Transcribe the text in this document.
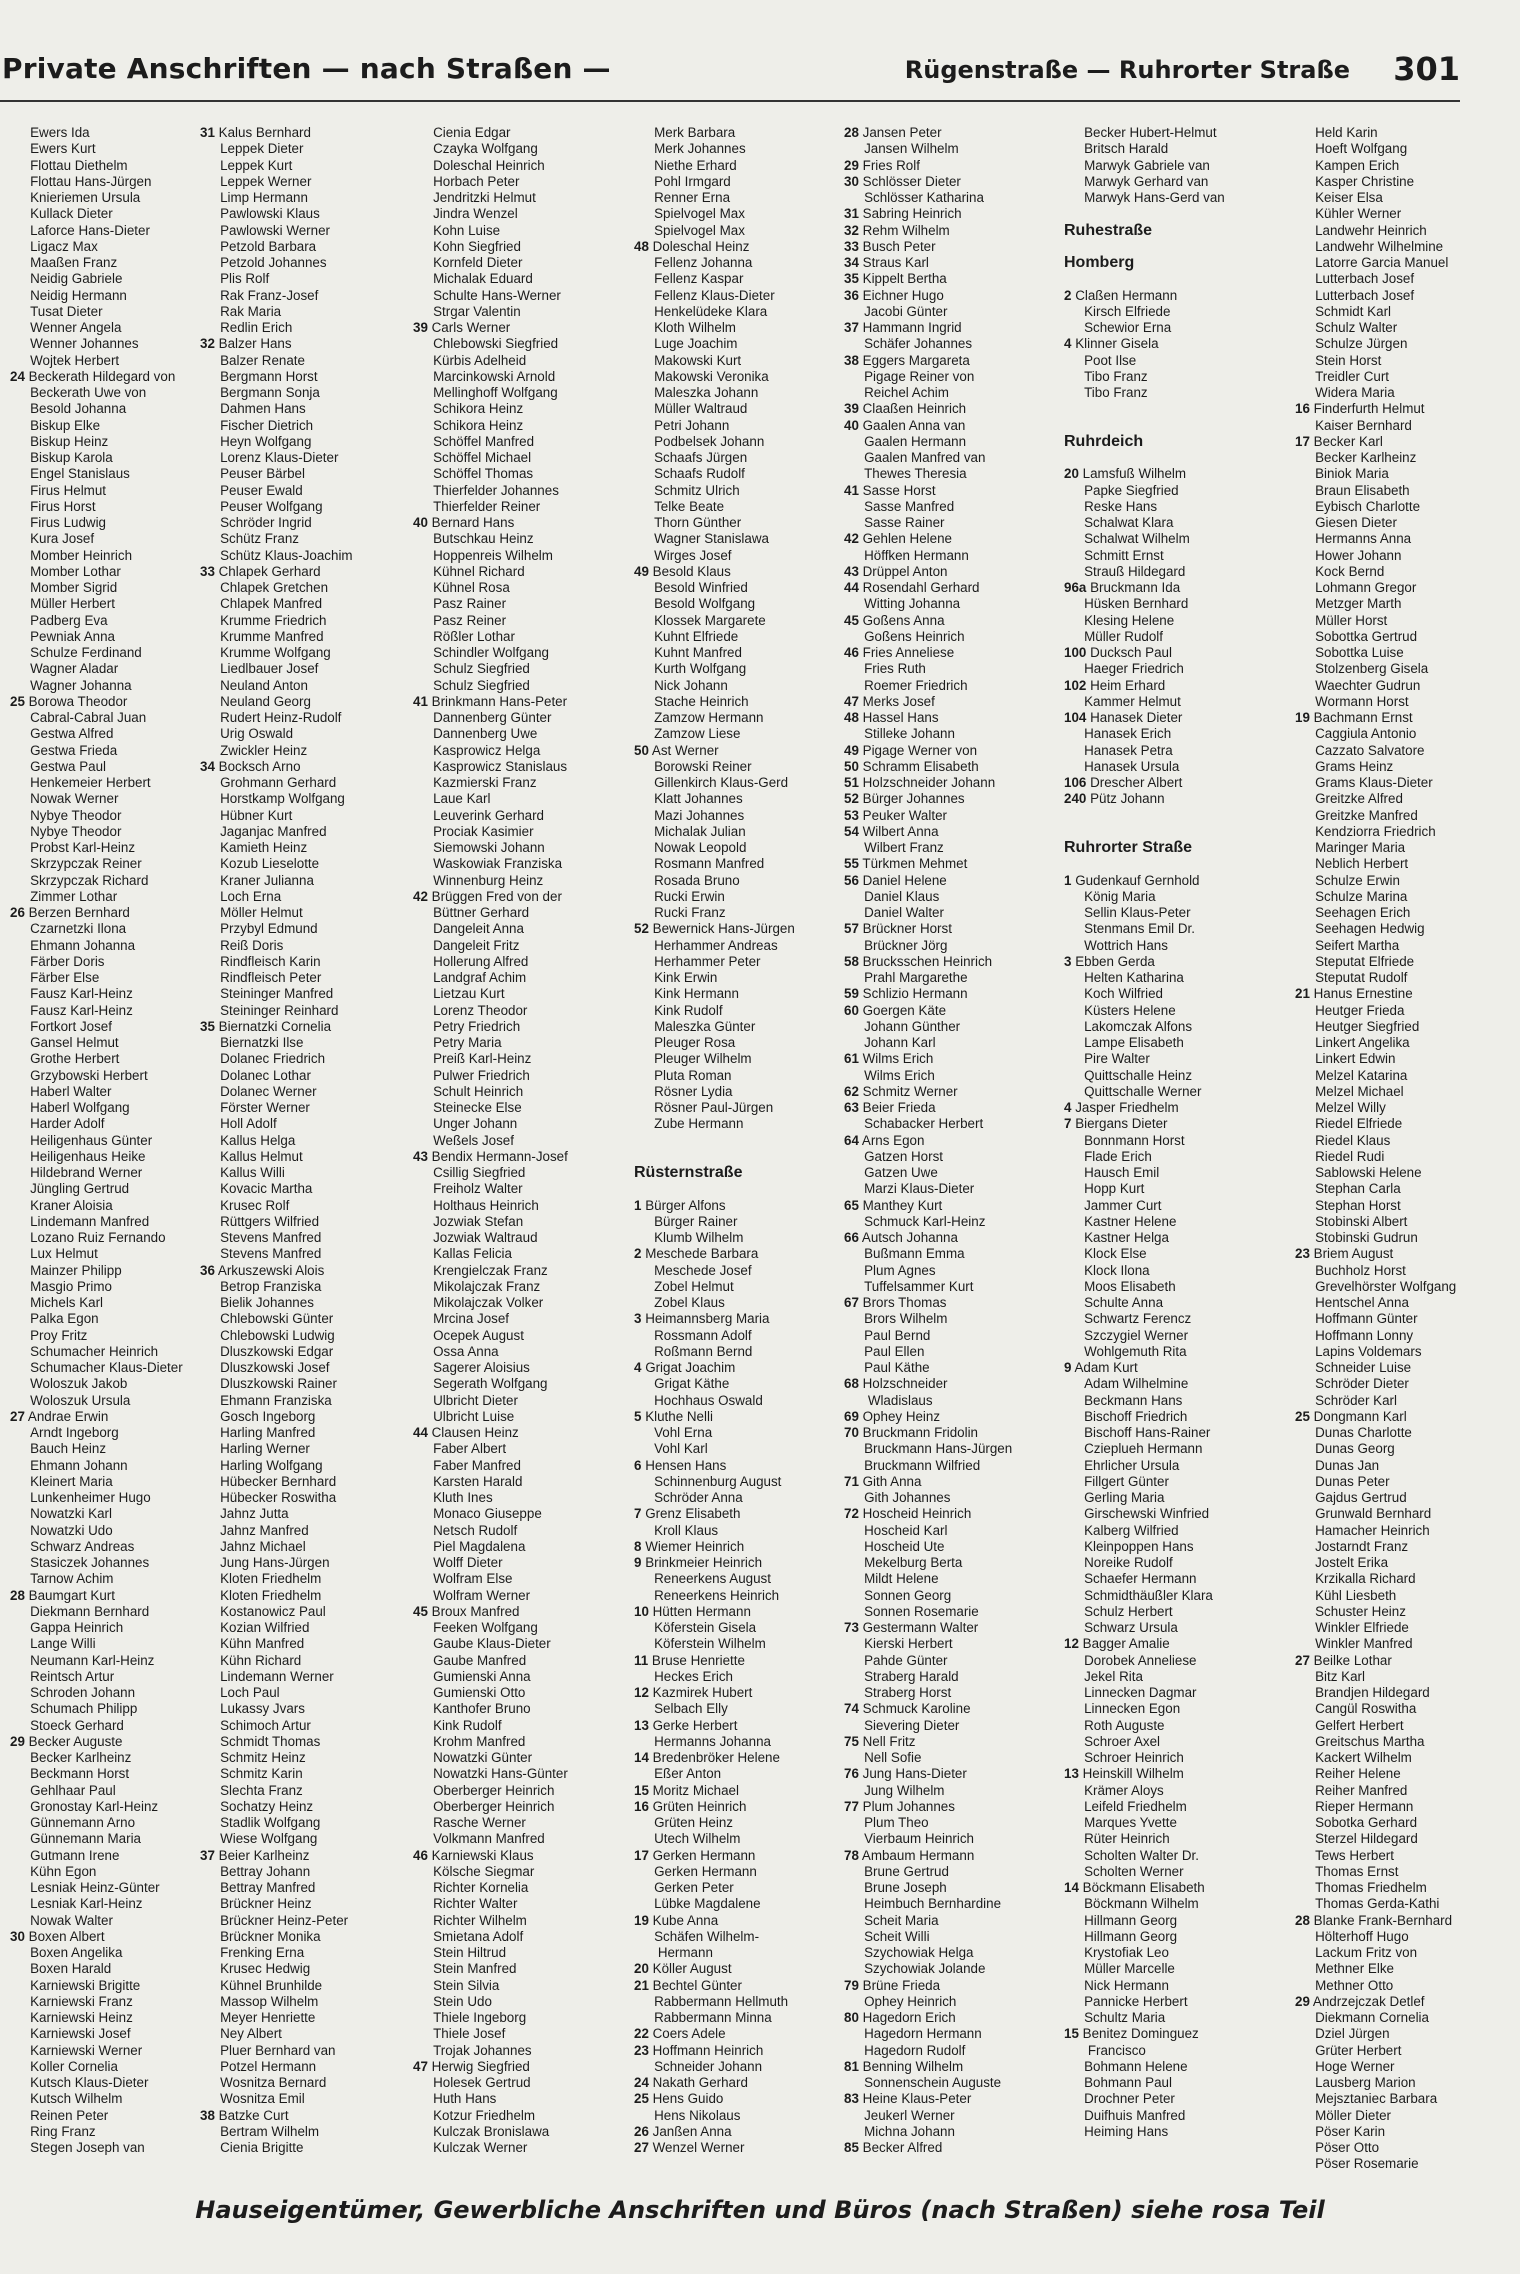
Private Anschriften — nach Straßen —	Rügenstraße — Ruhrorter Straße 301
  Ewers Ida
  Ewers Kurt
  Flottau Diethelm
  Flottau Hans-Jürgen
  Knieriemen Ursula
  Kullack Dieter
  Laforce Hans-Dieter
  Ligacz Max
  Maaßen Franz
  Neidig Gabriele
  Neidig Hermann
  Tusat Dieter
  Wenner Angela
  Wenner Johannes
  Wojtek Herbert
24 Beckerath Hildegard von
  Beckerath Uwe von
  Besold Johanna
  Biskup Elke
  Biskup Heinz
  Biskup Karola
  Engel Stanislaus
  Firus Helmut
  Firus Horst
  Firus Ludwig
  Kura Josef
  Momber Heinrich
  Momber Lothar
  Momber Sigrid
  Müller Herbert
  Padberg Eva
  Pewniak Anna
  Schulze Ferdinand
  Wagner Aladar
  Wagner Johanna
25 Borowa Theodor
  Cabral-Cabral Juan
  Gestwa Alfred
  Gestwa Frieda
  Gestwa Paul
  Henkemeier Herbert
  Nowak Werner
  Nybye Theodor
  Nybye Theodor
  Probst Karl-Heinz
  Skrzypczak Reiner
  Skrzypczak Richard
  Zimmer Lothar
26 Berzen Bernhard
  Czarnetzki Ilona
  Ehmann Johanna
  Färber Doris
  Färber Else
  Fausz Karl-Heinz
  Fausz Karl-Heinz
  Fortkort Josef
  Gansel Helmut
  Grothe Herbert
  Grzybowski Herbert
  Haberl Walter
  Haberl Wolfgang
  Harder Adolf
  Heiligenhaus Günter
  Heiligenhaus Heike
  Hildebrand Werner
  Jüngling Gertrud
  Kraner Aloisia
  Lindemann Manfred
  Lozano Ruiz Fernando
  Lux Helmut
  Mainzer Philipp
  Masgio Primo
  Michels Karl
  Palka Egon
  Proy Fritz
  Schumacher Heinrich
  Schumacher Klaus-Dieter
  Woloszuk Jakob
  Woloszuk Ursula
27 Andrae Erwin
  Arndt Ingeborg
  Bauch Heinz
  Ehmann Johann
  Kleinert Maria
  Lunkenheimer Hugo
  Nowatzki Karl
  Nowatzki Udo
  Schwarz Andreas
  Stasiczek Johannes
  Tarnow Achim
28 Baumgart Kurt
  Diekmann Bernhard
  Gappa Heinrich
  Lange Willi
  Neumann Karl-Heinz
  Reintsch Artur
  Schroden Johann
  Schumach Philipp
  Stoeck Gerhard
29 Becker Auguste
  Becker Karlheinz
  Beckmann Horst
  Gehlhaar Paul
  Gronostay Karl-Heinz
  Günnemann Arno
  Günnemann Maria
  Gutmann Irene
  Kühn Egon
  Lesniak Heinz-Günter
  Lesniak Karl-Heinz
  Nowak Walter
30 Boxen Albert
  Boxen Angelika
  Boxen Harald
  Karniewski Brigitte
  Karniewski Franz
  Karniewski Heinz
  Karniewski Josef
  Karniewski Werner
  Koller Cornelia
  Kutsch Klaus-Dieter
  Kutsch Wilhelm
  Reinen Peter
  Ring Franz
  Stegen Joseph van
31 Kalus Bernhard
  Leppek Dieter
  Leppek Kurt
  Leppek Werner
  Limp Hermann
  Pawlowski Klaus
  Pawlowski Werner
  Petzold Barbara
  Petzold Johannes
  Plis Rolf
  Rak Franz-Josef
  Rak Maria
  Redlin Erich
32 Balzer Hans
  Balzer Renate
  Bergmann Horst
  Bergmann Sonja
  Dahmen Hans
  Fischer Dietrich
  Heyn Wolfgang
  Lorenz Klaus-Dieter
  Peuser Bärbel
  Peuser Ewald
  Peuser Wolfgang
  Schröder Ingrid
  Schütz Franz
  Schütz Klaus-Joachim
33 Chlapek Gerhard
  Chlapek Gretchen
  Chlapek Manfred
  Krumme Friedrich
  Krumme Manfred
  Krumme Wolfgang
  Liedlbauer Josef
  Neuland Anton
  Neuland Georg
  Rudert Heinz-Rudolf
  Urig Oswald
  Zwickler Heinz
34 Bocksch Arno
  Grohmann Gerhard
  Horstkamp Wolfgang
  Hübner Kurt
  Jaganjac Manfred
  Kamieth Heinz
  Kozub Lieselotte
  Kraner Julianna
  Loch Erna
  Möller Helmut
  Przybyl Edmund
  Reiß Doris
  Rindfleisch Karin
  Rindfleisch Peter
  Steininger Manfred
  Steininger Reinhard
35 Biernatzki Cornelia
  Biernatzki Ilse
  Dolanec Friedrich
  Dolanec Lothar
  Dolanec Werner
  Förster Werner
  Holl Adolf
  Kallus Helga
  Kallus Helmut
  Kallus Willi
  Kovacic Martha
  Krusec Rolf
  Rüttgers Wilfried
  Stevens Manfred
  Stevens Manfred
36 Arkuszewski Alois
  Betrop Franziska
  Bielik Johannes
  Chlebowski Günter
  Chlebowski Ludwig
  Dluszkowski Edgar
  Dluszkowski Josef
  Dluszkowski Rainer
  Ehmann Franziska
  Gosch Ingeborg
  Harling Manfred
  Harling Werner
  Harling Wolfgang
  Hübecker Bernhard
  Hübecker Roswitha
  Jahnz Jutta
  Jahnz Manfred
  Jahnz Michael
  Jung Hans-Jürgen
  Kloten Friedhelm
  Kloten Friedhelm
  Kostanowicz Paul
  Kozian Wilfried
  Kühn Manfred
  Kühn Richard
  Lindemann Werner
  Loch Paul
  Lukassy Jvars
  Schimoch Artur
  Schmidt Thomas
  Schmitz Heinz
  Schmitz Karin
  Slechta Franz
  Sochatzy Heinz
  Stadlik Wolfgang
  Wiese Wolfgang
37 Beier Karlheinz
  Bettray Johann
  Bettray Manfred
  Brückner Heinz
  Brückner Heinz-Peter
  Brückner Monika
  Frenking Erna
  Krusec Hedwig
  Kühnel Brunhilde
  Massop Wilhelm
  Meyer Henriette
  Ney Albert
  Pluer Bernhard van
  Potzel Hermann
  Wosnitza Bernard
  Wosnitza Emil
38 Batzke Curt
  Bertram Wilhelm
  Cienia Brigitte
  Cienia Edgar
  Czayka Wolfgang
  Doleschal Heinrich
  Horbach Peter
  Jendritzki Helmut
  Jindra Wenzel
  Kohn Luise
  Kohn Siegfried
  Kornfeld Dieter
  Michalak Eduard
  Schulte Hans-Werner
  Strgar Valentin
39 Carls Werner
  Chlebowski Siegfried
  Kürbis Adelheid
  Marcinkowski Arnold
  Mellinghoff Wolfgang
  Schikora Heinz
  Schikora Heinz
  Schöffel Manfred
  Schöffel Michael
  Schöffel Thomas
  Thierfelder Johannes
  Thierfelder Reiner
40 Bernard Hans
  Butschkau Heinz
  Hoppenreis Wilhelm
  Kühnel Richard
  Kühnel Rosa
  Pasz Rainer
  Pasz Reiner
  Rößler Lothar
  Schindler Wolfgang
  Schulz Siegfried
  Schulz Siegfried
41 Brinkmann Hans-Peter
  Dannenberg Günter
  Dannenberg Uwe
  Kasprowicz Helga
  Kasprowicz Stanislaus
  Kazmierski Franz
  Laue Karl
  Leuverink Gerhard
  Prociak Kasimier
  Siemowski Johann
  Waskowiak Franziska
  Winnenburg Heinz
42 Brüggen Fred von der
  Büttner Gerhard
  Dangeleit Anna
  Dangeleit Fritz
  Hollerung Alfred
  Landgraf Achim
  Lietzau Kurt
  Lorenz Theodor
  Petry Friedrich
  Petry Maria
  Preiß Karl-Heinz
  Pulwer Friedrich
  Schult Heinrich
  Steinecke Else
  Unger Johann
  Weßels Josef
43 Bendix Hermann-Josef
  Csillig Siegfried
  Freiholz Walter
  Holthaus Heinrich
  Jozwiak Stefan
  Jozwiak Waltraud
  Kallas Felicia
  Krengielczak Franz
  Mikolajczak Franz
  Mikolajczak Volker
  Mrcina Josef
  Ocepek August
  Ossa Anna
  Sagerer Aloisius
  Segerath Wolfgang
  Ulbricht Dieter
  Ulbricht Luise
44 Clausen Heinz
  Faber Albert
  Faber Manfred
  Karsten Harald
  Kluth Ines
  Monaco Giuseppe
  Netsch Rudolf
  Piel Magdalena
  Wolff Dieter
  Wolfram Else
  Wolfram Werner
45 Broux Manfred
  Feeken Wolfgang
  Gaube Klaus-Dieter
  Gaube Manfred
  Gumienski Anna
  Gumienski Otto
  Kanthofer Bruno
  Kink Rudolf
  Krohm Manfred
  Nowatzki Günter
  Nowatzki Hans-Günter
  Oberberger Heinrich
  Oberberger Heinrich
  Rasche Werner
  Volkmann Manfred
46 Karniewski Klaus
  Kölsche Siegmar
  Richter Kornelia
  Richter Walter
  Richter Wilhelm
  Smietana Adolf
  Stein Hiltrud
  Stein Manfred
  Stein Silvia
  Stein Udo
  Thiele Ingeborg
  Thiele Josef
  Trojak Johannes
47 Herwig Siegfried
  Holesek Gertrud
  Huth Hans
  Kotzur Friedhelm
  Kulczak Bronislawa
  Kulczak Werner
  Merk Barbara
  Merk Johannes
  Niethe Erhard
  Pohl Irmgard
  Renner Erna
  Spielvogel Max
  Spielvogel Max
48 Doleschal Heinz
  Fellenz Johanna
  Fellenz Kaspar
  Fellenz Klaus-Dieter
  Henkelüdeke Klara
  Kloth Wilhelm
  Luge Joachim
  Makowski Kurt
  Makowski Veronika
  Maleszka Johann
  Müller Waltraud
  Petri Johann
  Podbelsek Johann
  Schaafs Jürgen
  Schaafs Rudolf
  Schmitz Ulrich
  Telke Beate
  Thorn Günther
  Wagner Stanislawa
  Wirges Josef
49 Besold Klaus
  Besold Winfried
  Besold Wolfgang
  Klossek Margarete
  Kuhnt Elfriede
  Kuhnt Manfred
  Kurth Wolfgang
  Nick Johann
  Stache Heinrich
  Zamzow Hermann
  Zamzow Liese
50 Ast Werner
  Borowski Reiner
  Gillenkirch Klaus-Gerd
  Klatt Johannes
  Mazi Johannes
  Michalak Julian
  Nowak Leopold
  Rosmann Manfred
  Rosada Bruno
  Rucki Erwin
  Rucki Franz
52 Bewernick Hans-Jürgen
  Herhammer Andreas
  Herhammer Peter
  Kink Erwin
  Kink Hermann
  Kink Rudolf
  Maleszka Günter
  Pleuger Rosa
  Pleuger Wilhelm
  Pluta Roman
  Rösner Lydia
  Rösner Paul-Jürgen
  Zube Hermann

Rüsternstraße

1 Bürger Alfons
  Bürger Rainer
  Klumb Wilhelm
2 Meschede Barbara
  Meschede Josef
  Zobel Helmut
  Zobel Klaus
3 Heimannsberg Maria
  Rossmann Adolf
  Roßmann Bernd
4 Grigat Joachim
  Grigat Käthe
  Hochhaus Oswald
5 Kluthe Nelli
  Vohl Erna
  Vohl Karl
6 Hensen Hans
  Schinnenburg August
  Schröder Anna
7 Grenz Elisabeth
  Kroll Klaus
8 Wiemer Heinrich
9 Brinkmeier Heinrich
  Reneerkens August
  Reneerkens Heinrich
10 Hütten Hermann
  Köferstein Gisela
  Köferstein Wilhelm
11 Bruse Henriette
  Heckes Erich
12 Kazmirek Hubert
  Selbach Elly
13 Gerke Herbert
  Hermanns Johanna
14 Bredenbröker Helene
  Eßer Anton
15 Moritz Michael
16 Grüten Heinrich
  Grüten Heinz
  Utech Wilhelm
17 Gerken Hermann
  Gerken Hermann
  Gerken Peter
  Lübke Magdalene
19 Kube Anna
  Schäfen Wilhelm-
   Hermann
20 Köller August
21 Bechtel Günter
  Rabbermann Hellmuth
  Rabbermann Minna
22 Coers Adele
23 Hoffmann Heinrich
  Schneider Johann
24 Nakath Gerhard
25 Hens Guido
  Hens Nikolaus
26 Janßen Anna
27 Wenzel Werner
28 Jansen Peter
  Jansen Wilhelm
29 Fries Rolf
30 Schlösser Dieter
  Schlösser Katharina
31 Sabring Heinrich
32 Rehm Wilhelm
33 Busch Peter
34 Straus Karl
35 Kippelt Bertha
36 Eichner Hugo
  Jacobi Günter
37 Hammann Ingrid
  Schäfer Johannes
38 Eggers Margareta
  Pigage Reiner von
  Reichel Achim
39 Claaßen Heinrich
40 Gaalen Anna van
  Gaalen Hermann
  Gaalen Manfred van
  Thewes Theresia
41 Sasse Horst
  Sasse Manfred
  Sasse Rainer
42 Gehlen Helene
  Höffken Hermann
43 Drüppel Anton
44 Rosendahl Gerhard
  Witting Johanna
45 Goßens Anna
  Goßens Heinrich
46 Fries Anneliese
  Fries Ruth
  Roemer Friedrich
47 Merks Josef
48 Hassel Hans
  Stilleke Johann
49 Pigage Werner von
50 Schramm Elisabeth
51 Holzschneider Johann
52 Bürger Johannes
53 Peuker Walter
54 Wilbert Anna
  Wilbert Franz
55 Türkmen Mehmet
56 Daniel Helene
  Daniel Klaus
  Daniel Walter
57 Brückner Horst
  Brückner Jörg
58 Brucksschen Heinrich
  Prahl Margarethe
59 Schlizio Hermann
60 Goergen Käte
  Johann Günther
  Johann Karl
61 Wilms Erich
  Wilms Erich
62 Schmitz Werner
63 Beier Frieda
  Schabacker Herbert
64 Arns Egon
  Gatzen Horst
  Gatzen Uwe
  Marzi Klaus-Dieter
65 Manthey Kurt
  Schmuck Karl-Heinz
66 Autsch Johanna
  Bußmann Emma
  Plum Agnes
  Tuffelsammer Kurt
67 Brors Thomas
  Brors Wilhelm
  Paul Bernd
  Paul Ellen
  Paul Käthe
68 Holzschneider
   Wladislaus
69 Ophey Heinz
70 Bruckmann Fridolin
  Bruckmann Hans-Jürgen
  Bruckmann Wilfried
71 Gith Anna
  Gith Johannes
72 Hoscheid Heinrich
  Hoscheid Karl
  Hoscheid Ute
  Mekelburg Berta
  Mildt Helene
  Sonnen Georg
  Sonnen Rosemarie
73 Gestermann Walter
  Kierski Herbert
  Pahde Günter
  Straberg Harald
  Straberg Horst
74 Schmuck Karoline
  Sievering Dieter
75 Nell Fritz
  Nell Sofie
76 Jung Hans-Dieter
  Jung Wilhelm
77 Plum Johannes
  Plum Theo
  Vierbaum Heinrich
78 Ambaum Hermann
  Brune Gertrud
  Brune Joseph
  Heimbuch Bernhardine
  Scheit Maria
  Scheit Willi
  Szychowiak Helga
  Szychowiak Jolande
79 Brüne Frieda
  Ophey Heinrich
80 Hagedorn Erich
  Hagedorn Hermann
  Hagedorn Rudolf
81 Benning Wilhelm
  Sonnenschein Auguste
83 Heine Klaus-Peter
  Jeukerl Werner
  Michna Johann
85 Becker Alfred
  Becker Hubert-Helmut
  Britsch Harald
  Marwyk Gabriele van
  Marwyk Gerhard van
  Marwyk Hans-Gerd van

Ruhestraße

Homberg

2 Claßen Hermann
  Kirsch Elfriede
  Schewior Erna
4 Klinner Gisela
  Poot Ilse
  Tibo Franz
  Tibo Franz

Ruhrdeich

20 Lamsfuß Wilhelm
  Papke Siegfried
  Reske Hans
  Schalwat Klara
  Schalwat Wilhelm
  Schmitt Ernst
  Strauß Hildegard
96a Bruckmann Ida
  Hüsken Bernhard
  Klesing Helene
  Müller Rudolf
100 Ducksch Paul
  Haeger Friedrich
102 Heim Erhard
  Kammer Helmut
104 Hanasek Dieter
  Hanasek Erich
  Hanasek Petra
  Hanasek Ursula
106 Drescher Albert
240 Pütz Johann

Ruhrorter Straße

1 Gudenkauf Gernhold
  König Maria
  Sellin Klaus-Peter
  Stenmans Emil Dr.
  Wottrich Hans
3 Ebben Gerda
  Helten Katharina
  Koch Wilfried
  Küsters Helene
  Lakomczak Alfons
  Lampe Elisabeth
  Pire Walter
  Quittschalle Heinz
  Quittschalle Werner
4 Jasper Friedhelm
7 Biergans Dieter
  Bonnmann Horst
  Flade Erich
  Hausch Emil
  Hopp Kurt
  Jammer Curt
  Kastner Helene
  Kastner Helga
  Klock Else
  Klock Ilona
  Moos Elisabeth
  Schulte Anna
  Schwartz Ferencz
  Szczygiel Werner
  Wohlgemuth Rita
9 Adam Kurt
  Adam Wilhelmine
  Beckmann Hans
  Bischoff Friedrich
  Bischoff Hans-Rainer
  Czieplueh Hermann
  Ehrlicher Ursula
  Fillgert Günter
  Gerling Maria
  Girschewski Winfried
  Kalberg Wilfried
  Kleinpoppen Hans
  Noreike Rudolf
  Schaefer Hermann
  Schmidthäußler Klara
  Schulz Herbert
  Schwarz Ursula
12 Bagger Amalie
  Dorobek Anneliese
  Jekel Rita
  Linnecken Dagmar
  Linnecken Egon
  Roth Auguste
  Schroer Axel
  Schroer Heinrich
13 Heinskill Wilhelm
  Krämer Aloys
  Leifeld Friedhelm
  Marques Yvette
  Rüter Heinrich
  Scholten Walter Dr.
  Scholten Werner
14 Böckmann Elisabeth
  Böckmann Wilhelm
  Hillmann Georg
  Hillmann Georg
  Krystofiak Leo
  Müller Marcelle
  Nick Hermann
  Pannicke Herbert
  Schultz Maria
15 Benitez Dominguez
   Francisco
  Bohmann Helene
  Bohmann Paul
  Drochner Peter
  Duifhuis Manfred
  Heiming Hans
  Held Karin
  Hoeft Wolfgang
  Kampen Erich
  Kasper Christine
  Keiser Elsa
  Kühler Werner
  Landwehr Heinrich
  Landwehr Wilhelmine
  Latorre Garcia Manuel
  Lutterbach Josef
  Lutterbach Josef
  Schmidt Karl
  Schulz Walter
  Schulze Jürgen
  Stein Horst
  Treidler Curt
  Widera Maria
16 Finderfurth Helmut
  Kaiser Bernhard
17 Becker Karl
  Becker Karlheinz
  Biniok Maria
  Braun Elisabeth
  Eybisch Charlotte
  Giesen Dieter
  Hermanns Anna
  Hower Johann
  Kock Bernd
  Lohmann Gregor
  Metzger Marth
  Müller Horst
  Sobottka Gertrud
  Sobottka Luise
  Stolzenberg Gisela
  Waechter Gudrun
  Wormann Horst
19 Bachmann Ernst
  Caggiula Antonio
  Cazzato Salvatore
  Grams Heinz
  Grams Klaus-Dieter
  Greitzke Alfred
  Greitzke Manfred
  Kendziorra Friedrich
  Maringer Maria
  Neblich Herbert
  Schulze Erwin
  Schulze Marina
  Seehagen Erich
  Seehagen Hedwig
  Seifert Martha
  Steputat Elfriede
  Steputat Rudolf
21 Hanus Ernestine
  Heutger Frieda
  Heutger Siegfried
  Linkert Angelika
  Linkert Edwin
  Melzel Katarina
  Melzel Michael
  Melzel Willy
  Riedel Elfriede
  Riedel Klaus
  Riedel Rudi
  Sablowski Helene
  Stephan Carla
  Stephan Horst
  Stobinski Albert
  Stobinski Gudrun
23 Briem August
  Buchholz Horst
  Grevelhörster Wolfgang
  Hentschel Anna
  Hoffmann Günter
  Hoffmann Lonny
  Lapins Voldemars
  Schneider Luise
  Schröder Dieter
  Schröder Karl
25 Dongmann Karl
  Dunas Charlotte
  Dunas Georg
  Dunas Jan
  Dunas Peter
  Gajdus Gertrud
  Grunwald Bernhard
  Hamacher Heinrich
  Jostarndt Franz
  Jostelt Erika
  Krzikalla Richard
  Kühl Liesbeth
  Schuster Heinz
  Winkler Elfriede
  Winkler Manfred
27 Beilke Lothar
  Bitz Karl
  Brandjen Hildegard
  Cangül Roswitha
  Gelfert Herbert
  Greitschus Martha
  Kackert Wilhelm
  Reiher Helene
  Reiher Manfred
  Rieper Hermann
  Sobotka Gerhard
  Sterzel Hildegard
  Tews Herbert
  Thomas Ernst
  Thomas Friedhelm
  Thomas Gerda-Kathi
28 Blanke Frank-Bernhard
  Hölterhoff Hugo
  Lackum Fritz von
  Methner Elke
  Methner Otto
29 Andrzejczak Detlef
  Diekmann Cornelia
  Dziel Jürgen
  Grüter Herbert
  Hoge Werner
  Lausberg Marion
  Mejsztaniec Barbara
  Möller Dieter
  Pöser Karin
  Pöser Otto
  Pöser Rosemarie
Hauseigentümer, Gewerbliche Anschriften und Büros (nach Straßen) siehe rosa Teil
